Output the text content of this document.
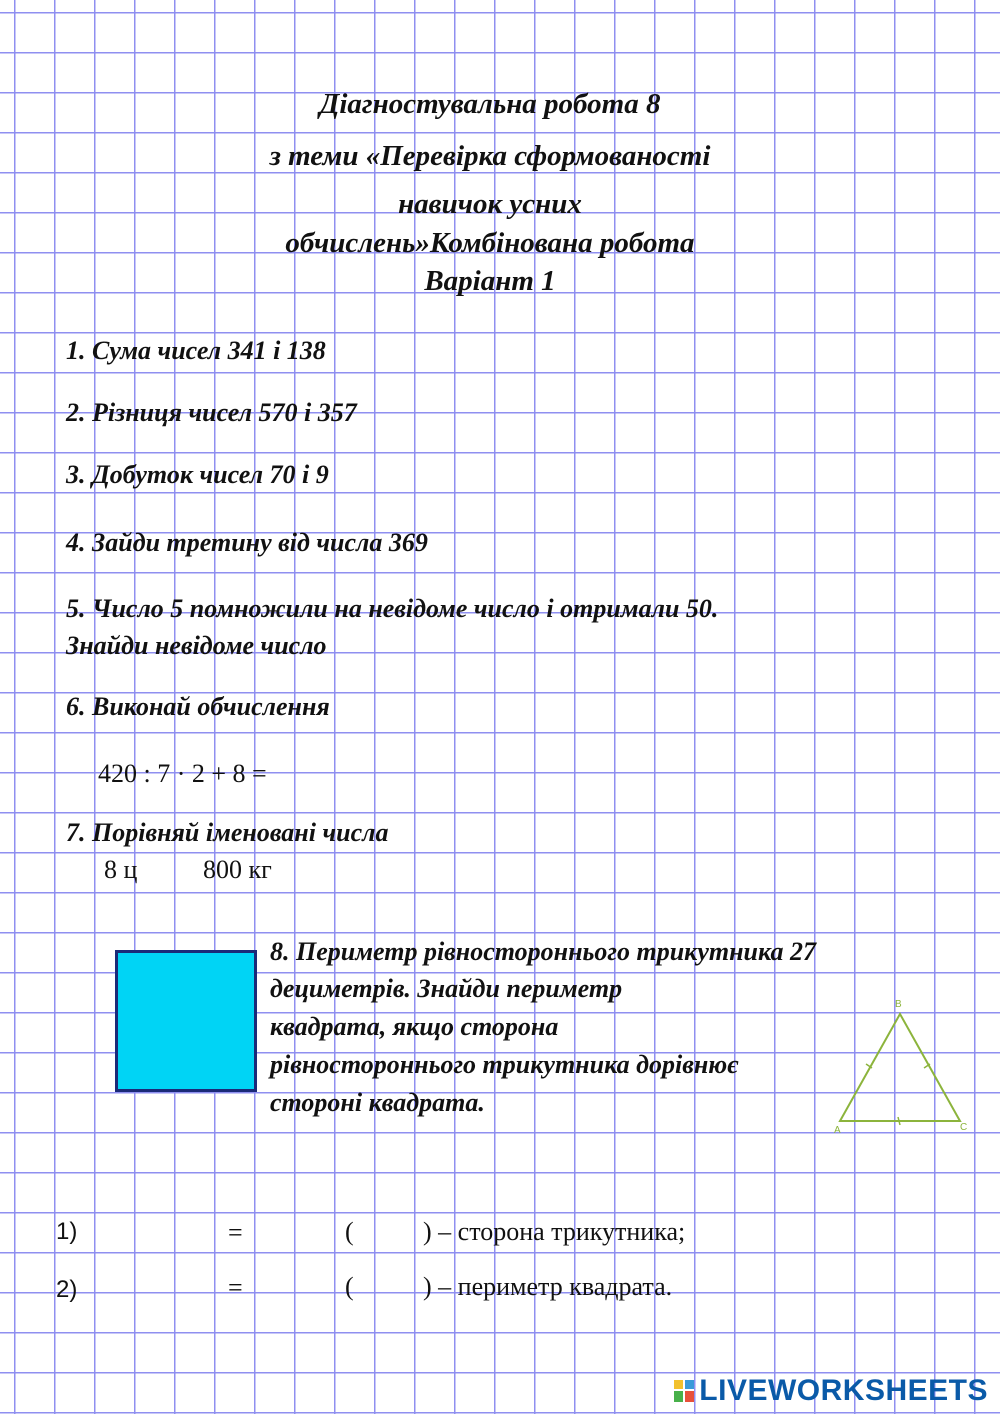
Діагностувальна робота 8
з теми «Перевірка сформованості
навичок усних
обчислень»Комбінована робота
Варіант 1
1. Сума чисел 341 і 138
2. Різниця чисел 570 і 357
3. Добуток чисел 70 і 9
4. Зайди третину від числа 369
5. Число 5 помножили на невідоме число і отримали 50.
Знайди невідоме число
6. Виконай обчислення
420 : 7 · 2 + 8 =
7. Порівняй іменовані числа
8 ц	800 кг
8. Периметр рівностороннього трикутника 27
дециметрів. Знайди периметр
квадрата, якщо сторона
рівностороннього трикутника дорівнює
стороні квадрата.
B
A	C
1)	=	(	) – сторона трикутника;
2)	=	(	) – периметр квадрата.
LIVEWORKSHEETS
